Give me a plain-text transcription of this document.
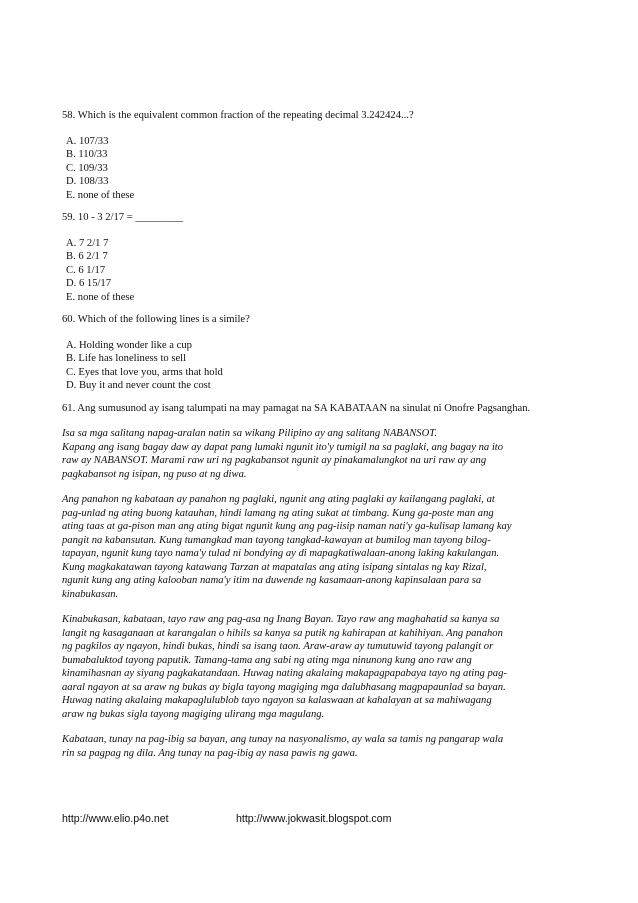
58. Which is the equivalent common fraction of the repeating decimal 3.242424...?

A. 107/33
B. 110/33
C. 109/33
D. 108/33
E. none of these

59. 10 - 3 2/17 = _________

A. 7 2/1 7
B. 6 2/1 7
C. 6 1/17
D. 6 15/17
E. none of these

60. Which of the following lines is a simile?

A. Holding wonder like a cup
B. Life has loneliness to sell
C. Eyes that love you, arms that hold
D. Buy it and never count the cost

61. Ang sumusunod ay isang talumpati na may pamagat na SA KABATAAN na sinulat ni Onofre Pagsanghan.

Isa sa mga salitang napag-aralan natin sa wikang Pilipino ay ang salitang NABANSOT.

Kapang ang isang bagay daw ay dapat pang lumaki ngunit ito'y tumigil na sa paglaki, ang bagay na ito

raw ay NABANSOT. Marami raw uri ng pagkabansot ngunit ay pinakamalungkot na uri raw ay ang

pagkabansot ng isipan, ng puso at ng diwa.

Ang panahon ng kabataan ay panahon ng paglaki, ngunit ang ating paglaki ay kailangang paglaki, at

pag-unlad ng ating buong katauhan, hindi lamang ng ating sukat at timbang. Kung ga-poste man ang

ating taas at ga-pison man ang ating bigat ngunit kung ang pag-iisip naman nati'y ga-kulisap lamang kay

pangit na kabansutan. Kung tumangkad man tayong tangkad-kawayan at bumilog man tayong bilog-

tapayan, ngunit kung tayo nama'y tulad ni bondying ay di mapagkatiwalaan-anong laking kakulangan.

Kung magkakatawan tayong katawang Tarzan at mapatalas ang ating isipang sintalas ng kay Rizal,

ngunit kung ang ating kalooban nama'y itim na duwende ng kasamaan-anong kapinsalaan para sa

kinabukasan.

Kinabukasan, kabataan, tayo raw ang pag-asa ng Inang Bayan. Tayo raw ang maghahatid sa kanya sa

langit ng kasaganaan at karangalan o hihils sa kanya sa putik ng kahirapan at kahihiyan. Ang panahon

ng pagkilos ay ngayon, hindi bukas, hindi sa isang taon. Araw-araw ay tumutuwid tayong palangit or

bumabaluktod tayong paputik. Tamang-tama ang sabi ng ating mga ninunong kung ano raw ang

kinamihasnan ay siyang pagkakatandaan. Huwag nating akalaing makapagpapabaya tayo ng ating pag-

aaral ngayon at sa araw ng bukas ay bigla tayong magiging mga dalubhasang magpapaunlad sa bayan.

Huwag nating akalaing makapaglulublob tayo ngayon sa kalaswaan at kahalayan at sa mahiwagang

araw ng bukas sigla tayong magiging ulirang mga magulang.

Kabataan, tunay na pag-ibig sa bayan, ang tunay na nasyonalismo, ay wala sa tamis ng pangarap wala

rin sa pagpag ng dila. Ang tunay na pag-ibig ay nasa pawis ng gawa.

http://www.elio.p4o.net	http://www.jokwasit.blogspot.com
